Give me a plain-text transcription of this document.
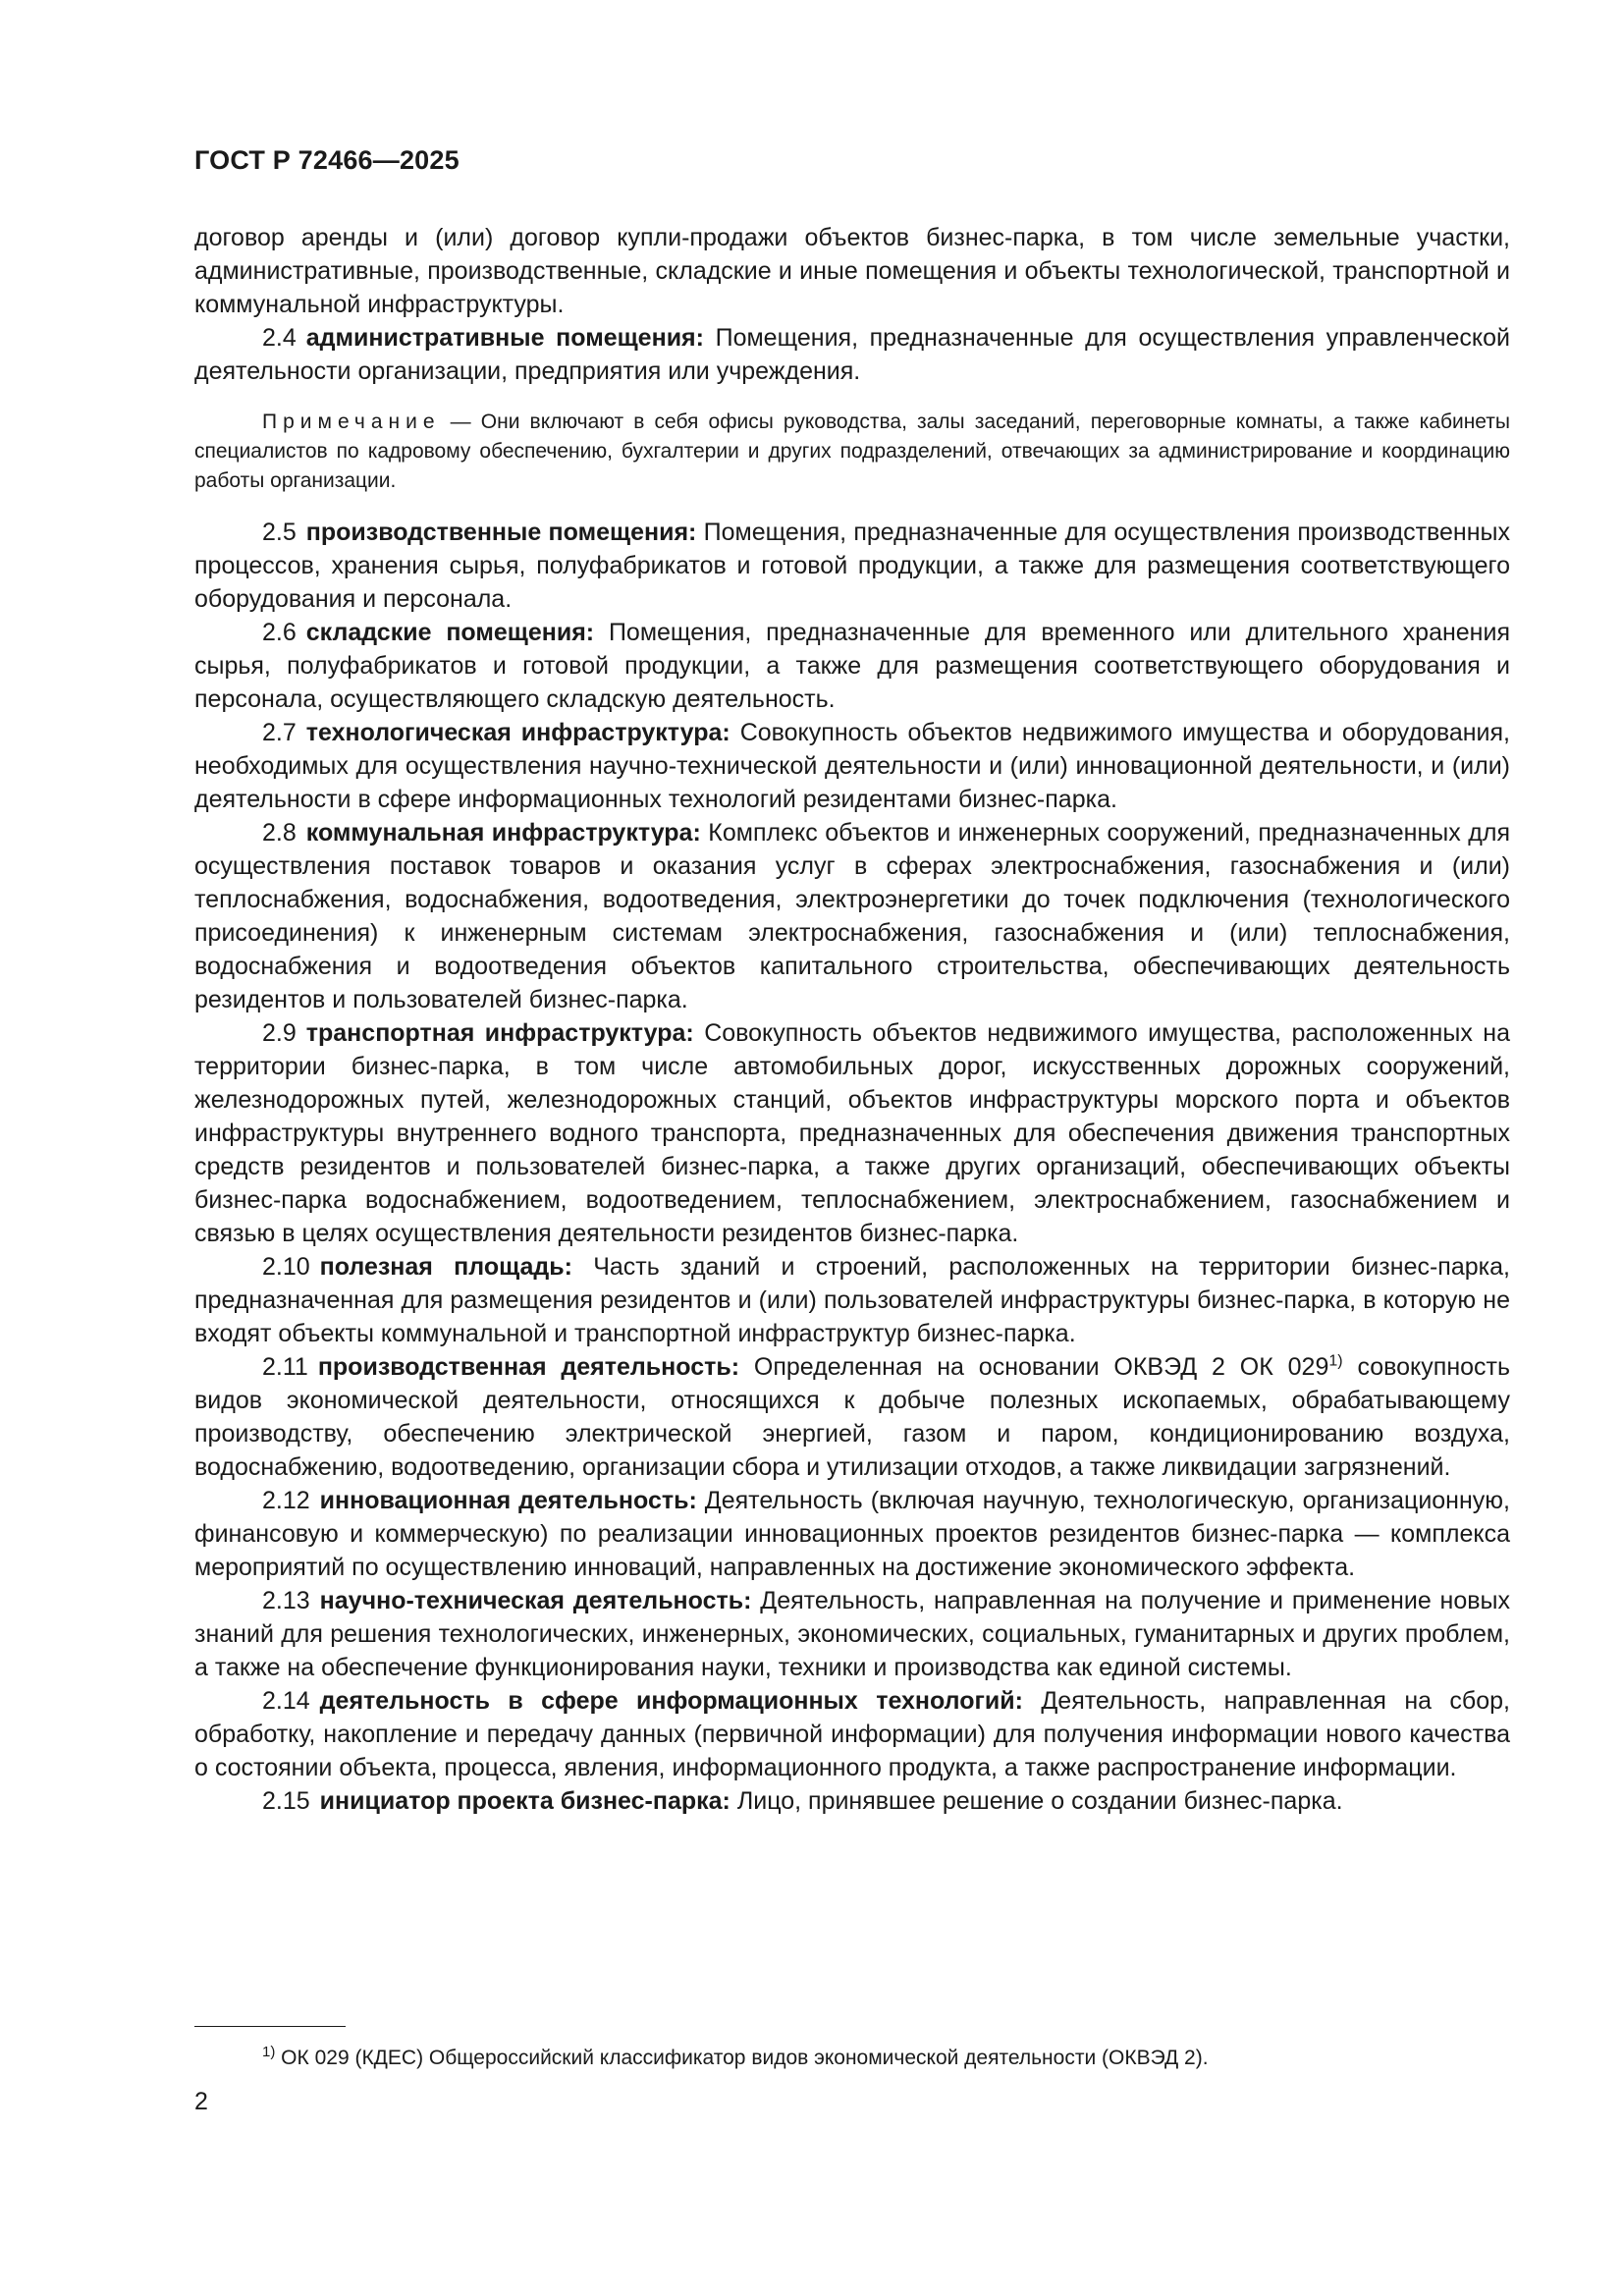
ГОСТ Р 72466—2025

договор аренды и (или) договор купли-продажи объектов бизнес-парка, в том числе земельные участки, административные, производственные, складские и иные помещения и объекты технологической, транспортной и коммунальной инфраструктуры.

2.4 административные помещения: Помещения, предназначенные для осуществления управленческой деятельности организации, предприятия или учреждения.

Примечание — Они включают в себя офисы руководства, залы заседаний, переговорные комнаты, а также кабинеты специалистов по кадровому обеспечению, бухгалтерии и других подразделений, отвечающих за администрирование и координацию работы организации.

2.5 производственные помещения: Помещения, предназначенные для осуществления производственных процессов, хранения сырья, полуфабрикатов и готовой продукции, а также для размещения соответствующего оборудования и персонала.

2.6 складские помещения: Помещения, предназначенные для временного или длительного хранения сырья, полуфабрикатов и готовой продукции, а также для размещения соответствующего оборудования и персонала, осуществляющего складскую деятельность.

2.7 технологическая инфраструктура: Совокупность объектов недвижимого имущества и оборудования, необходимых для осуществления научно-технической деятельности и (или) инновационной деятельности, и (или) деятельности в сфере информационных технологий резидентами бизнес-парка.

2.8 коммунальная инфраструктура: Комплекс объектов и инженерных сооружений, предназначенных для осуществления поставок товаров и оказания услуг в сферах электроснабжения, газоснабжения и (или) теплоснабжения, водоснабжения, водоотведения, электроэнергетики до точек подключения (технологического присоединения) к инженерным системам электроснабжения, газоснабжения и (или) теплоснабжения, водоснабжения и водоотведения объектов капитального строительства, обеспечивающих деятельность резидентов и пользователей бизнес-парка.

2.9 транспортная инфраструктура: Совокупность объектов недвижимого имущества, расположенных на территории бизнес-парка, в том числе автомобильных дорог, искусственных дорожных сооружений, железнодорожных путей, железнодорожных станций, объектов инфраструктуры морского порта и объектов инфраструктуры внутреннего водного транспорта, предназначенных для обеспечения движения транспортных средств резидентов и пользователей бизнес-парка, а также других организаций, обеспечивающих объекты бизнес-парка водоснабжением, водоотведением, теплоснабжением, электроснабжением, газоснабжением и связью в целях осуществления деятельности резидентов бизнес-парка.

2.10 полезная площадь: Часть зданий и строений, расположенных на территории бизнес-парка, предназначенная для размещения резидентов и (или) пользователей инфраструктуры бизнес-парка, в которую не входят объекты коммунальной и транспортной инфраструктур бизнес-парка.

2.11 производственная деятельность: Определенная на основании ОКВЭД 2 ОК 029$^{1)}$ совокупность видов экономической деятельности, относящихся к добыче полезных ископаемых, обрабатывающему производству, обеспечению электрической энергией, газом и паром, кондиционированию воздуха, водоснабжению, водоотведению, организации сбора и утилизации отходов, а также ликвидации загрязнений.

2.12 инновационная деятельность: Деятельность (включая научную, технологическую, организационную, финансовую и коммерческую) по реализации инновационных проектов резидентов бизнес-парка — комплекса мероприятий по осуществлению инноваций, направленных на достижение экономического эффекта.

2.13 научно-техническая деятельность: Деятельность, направленная на получение и применение новых знаний для решения технологических, инженерных, экономических, социальных, гуманитарных и других проблем, а также на обеспечение функционирования науки, техники и производства как единой системы.

2.14 деятельность в сфере информационных технологий: Деятельность, направленная на сбор, обработку, накопление и передачу данных (первичной информации) для получения информации нового качества о состоянии объекта, процесса, явления, информационного продукта, а также распространение информации.

2.15 инициатор проекта бизнес-парка: Лицо, принявшее решение о создании бизнес-парка.

$^{1)}$ ОК 029 (КДЕС) Общероссийский классификатор видов экономической деятельности (ОКВЭД 2).
2
